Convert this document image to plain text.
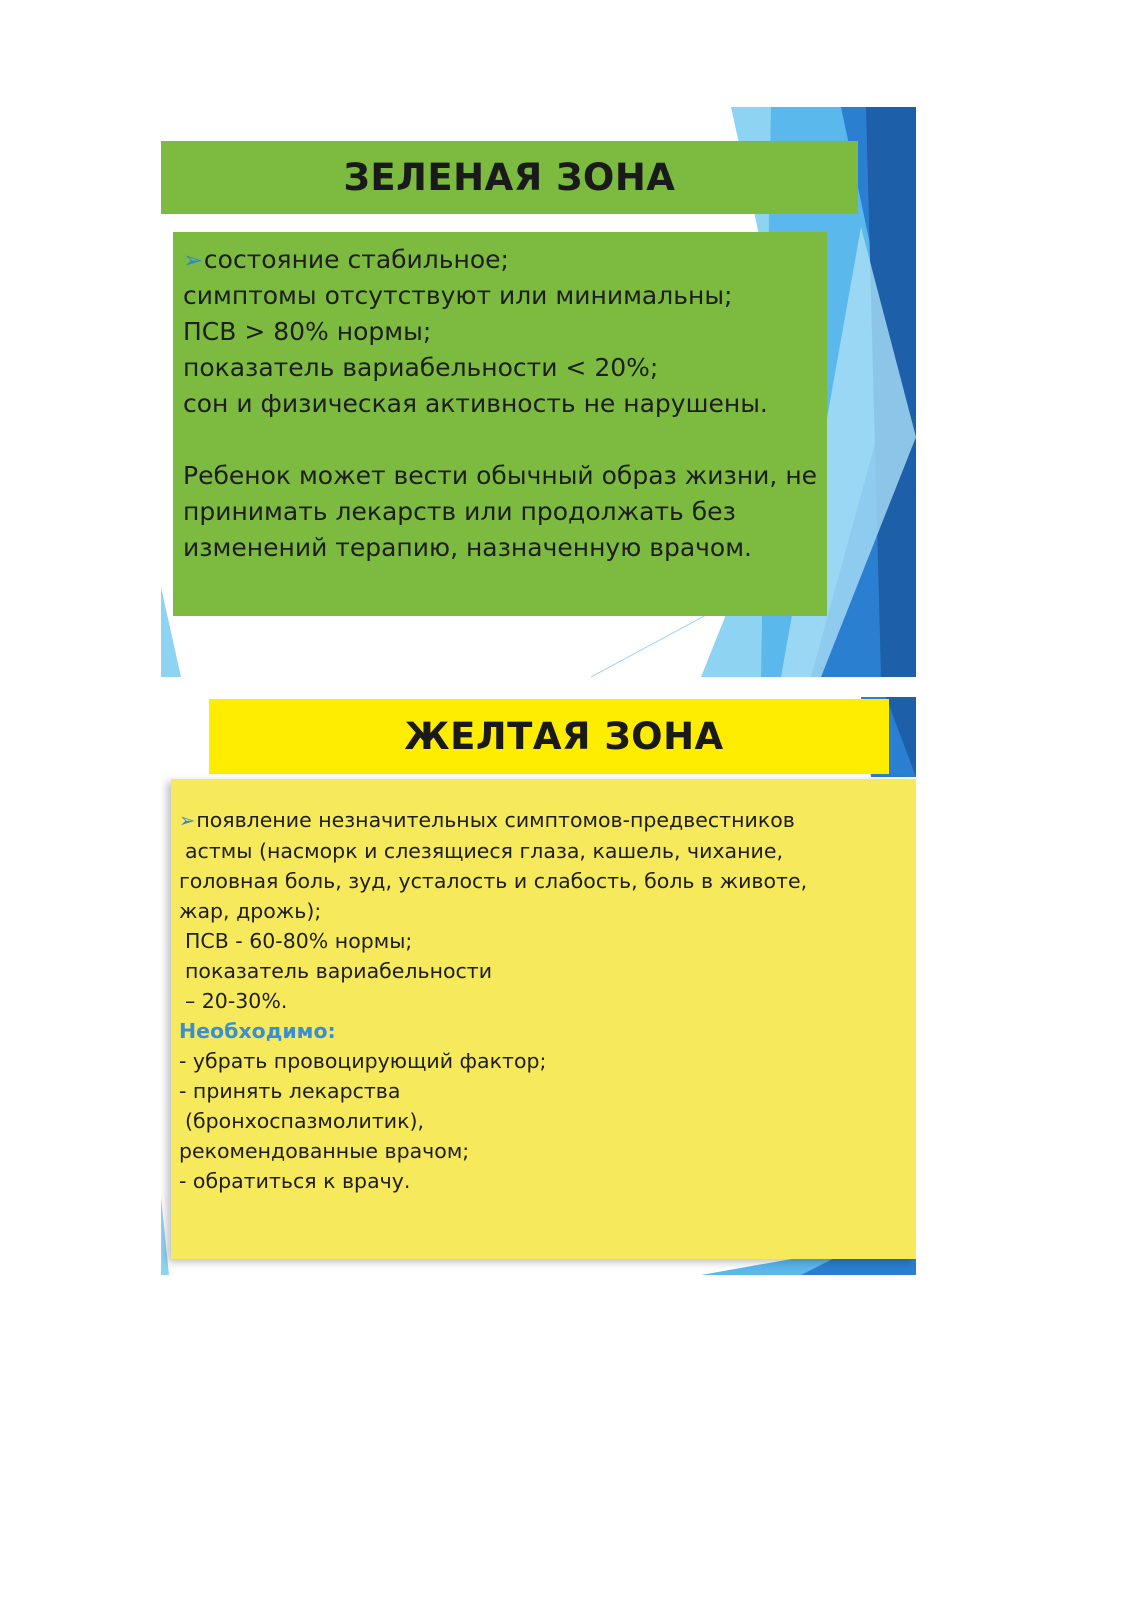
ЗЕЛЕНАЯ ЗОНА
➢состояние стабильное;
симптомы отсутствуют или минимальны;
ПСВ > 80% нормы;
показатель вариабельности < 20%;
сон и физическая активность не нарушены.
Ребенок может вести обычный образ жизни, не
принимать лекарств или продолжать без
изменений терапию, назначенную врачом.
ЖЕЛТАЯ ЗОНА
➢появление незначительных симптомов-предвестников
астмы (насморк и слезящиеся глаза, кашель, чихание,
головная боль, зуд, усталость и слабость, боль в животе,
жар, дрожь);
ПСВ - 60-80% нормы;
показатель вариабельности
– 20-30%.
Необходимо:
- убрать провоцирующий фактор;
- принять лекарства
(бронхоспазмолитик),
рекомендованные врачом;
- обратиться к врачу.
